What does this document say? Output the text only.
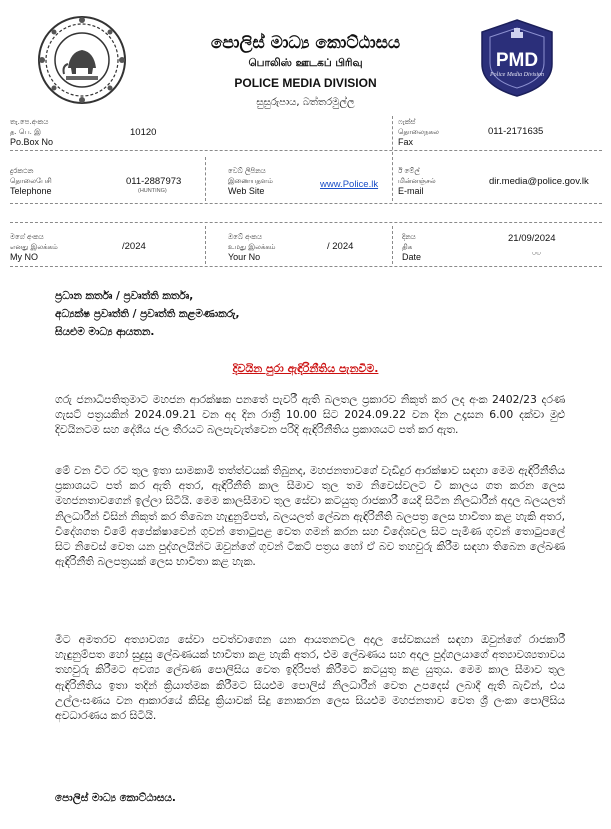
PMD
Police Media Division
පොලිස් මාධ්‍ය කොට්ඨාසය
பொலிஸ் ஊடகப் பிரிவு
POLICE MEDIA DIVISION
සුසුරුපාය, බත්තරමුල්ල
තැ.පෙ.අංකය
த. பெ. இ
Po.Box No
10120
ෆැක්ස්
தொலைநகல
Fax
011-2171635
දුරකථන
தொலைபேசி
Telephone
011-2887973
(HUNTING)
වෙබ් ලිපිනය
இணையதளம்
Web Site
www.Police.lk
ඊ මේල්
மின்னஞ்சல்
E-mail
dir.media@police.gov.lk
මගේ අංකය
எனது இலக்கம்
My NO
/2024
ඔබේ අංකය
உமது இலக்கம்
Your No
/ 2024
දිනය
திக
Date
21/09/2024
பய
ප්‍රධාන කර්තෘ / ප්‍රවෘත්ති කර්තෘ,
අධ්‍යක්ෂ ප්‍රවෘත්ති / ප්‍රවෘත්ති කළමණාකරු,
සියළුම මාධ්‍ය ආයතන.
දිවයින පුරා ඇඳිරිනීතිය පැනවීම.
ගරු ජනාධිපතිතුමාට මහජන ආරක්ෂක පනතේ පැවරී ඇති බලතල ප්‍රකාරව නිකුත් කර ලද අංක 2402/23 දරණ ගැසට් පත්‍රයකින් 2024.09.21 වන අද දින රාත්‍රී 10.00 සිට 2024.09.22 වන දින උදෑසන 6.00 දක්වා මුළු දිවයිනටම සහ දේශීය ජල තීරයට බලපැවැත්වෙන පරිදි ඇඳිරිනීතිය ප්‍රකාශයට පත් කර ඇත.
මේ වන විට රට තුල ඉතා සාමකාමී තත්ත්වයක් තිබුනද, මහජනතාවගේ වැඩිදුර ආරක්ෂාව සඳහා මෙම ඇඳිරිනීතිය ප්‍රකාශයට පත් කර ඇති අතර, ඇඳිරිනීති කාල සීමාව තුල තම නිවෙස්වලට වී කාලය ගත කරන ලෙස මහජනතාවගෙන් ඉල්ලා සිටියි. මෙම කාලසීමාව තුල සේවා කටයුතු රාජකාරී යෙදී සිටින නිලධාරීන් අදාල බලයලත් නිලධාරීන් විසින් නිකුත් කර තිබෙන හැඳුනුම්පත්, බලයලත් ලේඛන ඇඳිරිනීති බලපත්‍ර ලෙස භාවිතා කළ හැකි අතර, විදේශගත වීමේ අපේක්ෂාවෙන් ගුවන් තොටුපළ වෙත ගමන් කරන සහ විදේශවල සිට පැමිණ ගුවන් තොටුපලේ සිට නිවෙස් වෙත යන පුද්ගලයින්ට ඔවුන්ගේ ගුවන් ටිකට් පත්‍රය හෝ ඒ බව තහවුරු කිරීම සඳහා තිබෙන ලේඛණ ඇඳිරිනීති බලපත්‍රයක් ලෙස භාවිතා කළ හැක.
මීට අමතරව අත්‍යාවශ්‍ය සේවා පවත්වාගෙන යන ආයතනවල අදාල සේවකයන් සඳහා ඔවුන්ගේ රාජකාරී හැඳුනුම්පත හෝ සුදුසු ලේඛණයක් භාවිතා කළ හැකි අතර, එම ලේඛණය සහ අදාල පුද්ගලයාගේ අත්‍යාවශ්‍යතාවය තහවුරු කිරීමට අවශ්‍ය ලේඛණ පොලිසිය වෙත ඉදිරිපත් කිරීමට කටයුතු කළ යුතුය. මෙම කාල සීමාව තුල ඇඳිරිනීතිය ඉතා තදින් ක්‍රියාත්මක කිරීමට සියළුම පොලිස් නිලධාරීන් වෙත උපදෙස් ලබාදී ඇති බැවින්, එය උල්ලංඝණය වන ආකාරයේ කිසිදු ක්‍රියාවක් සිදු නොකරන ලෙස සියළුම මහජනතාව වෙත ශ්‍රී ලංකා පොලිසිය අවධාරණය කර සිටියි.
පොලිස් මාධ්‍ය කොට්ඨාසය.
